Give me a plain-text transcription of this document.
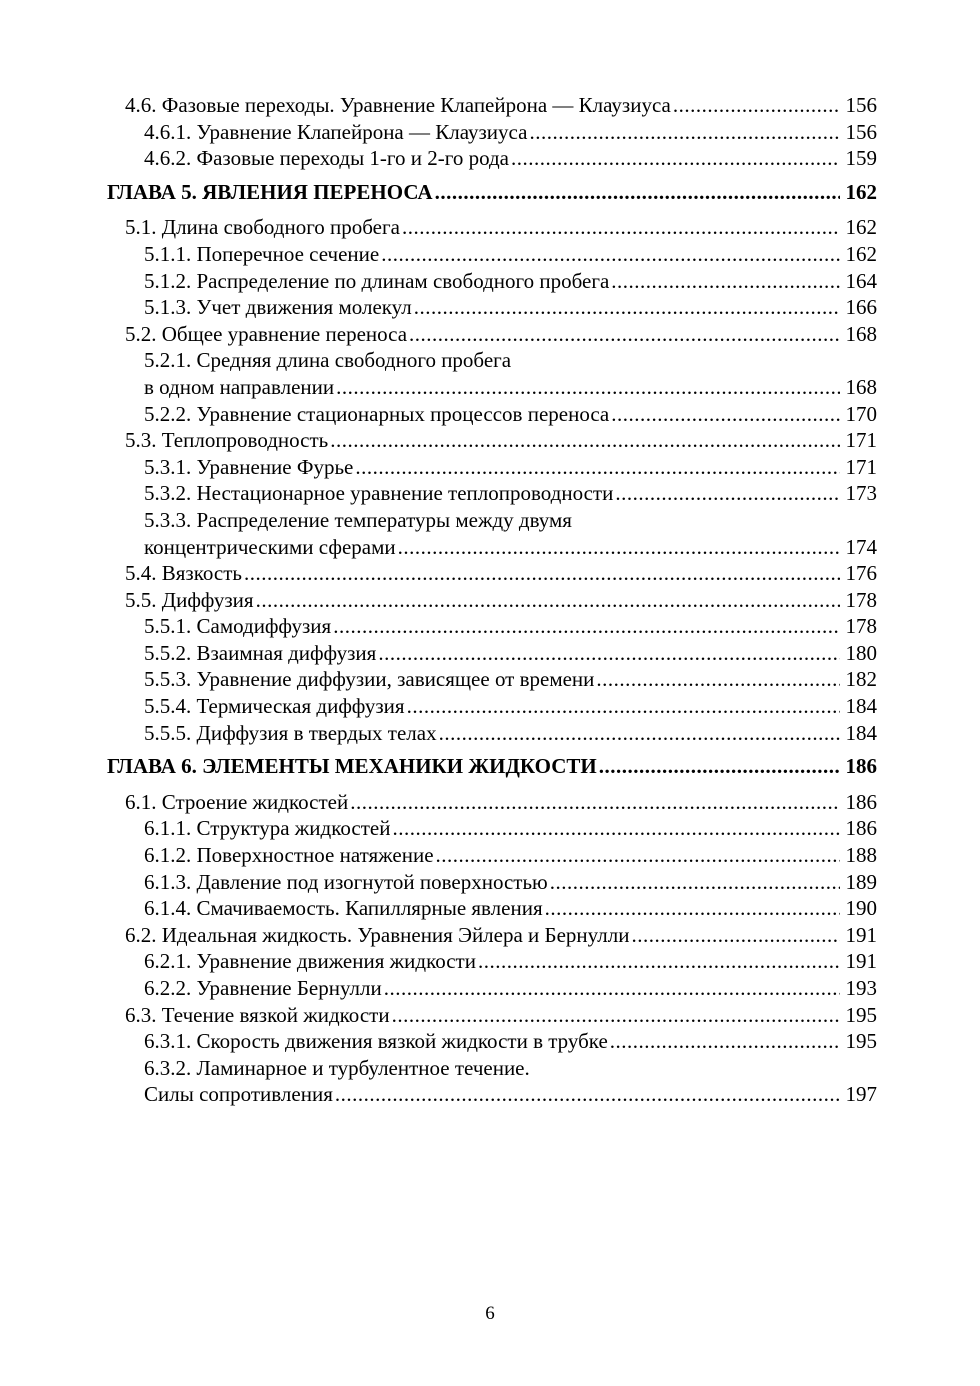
4.6. Фазовые переходы. Уравнение Клапейрона — Клаузиуса .....	156
4.6.1. Уравнение Клапейрона — Клаузиуса .....	156
4.6.2. Фазовые переходы 1-го и 2-го рода .....	159
ГЛАВА 5. ЯВЛЕНИЯ ПЕРЕНОСА .....	162
5.1. Длина свободного пробега .....	162
5.1.1. Поперечное сечение .....	162
5.1.2. Распределение по длинам свободного пробега .....	164
5.1.3. Учет движения молекул .....	166
5.2. Общее уравнение переноса .....	168
5.2.1. Средняя длина свободного пробега
в одном направлении .....	168
5.2.2. Уравнение стационарных процессов переноса .....	170
5.3. Теплопроводность .....	171
5.3.1. Уравнение Фурье .....	171
5.3.2. Нестационарное уравнение теплопроводности .....	173
5.3.3. Распределение температуры между двумя
концентрическими сферами .....	174
5.4. Вязкость .....	176
5.5. Диффузия .....	178
5.5.1. Самодиффузия .....	178
5.5.2. Взаимная диффузия .....	180
5.5.3. Уравнение диффузии, зависящее от времени .....	182
5.5.4. Термическая диффузия .....	184
5.5.5. Диффузия в твердых телах .....	184
ГЛАВА 6. ЭЛЕМЕНТЫ МЕХАНИКИ ЖИДКОСТИ .....	186
6.1. Строение жидкостей .....	186
6.1.1. Структура жидкостей .....	186
6.1.2. Поверхностное натяжение .....	188
6.1.3. Давление под изогнутой поверхностью .....	189
6.1.4. Смачиваемость. Капиллярные явления .....	190
6.2. Идеальная жидкость. Уравнения Эйлера и Бернулли .....	191
6.2.1. Уравнение движения жидкости .....	191
6.2.2. Уравнение Бернулли .....	193
6.3. Течение вязкой жидкости .....	195
6.3.1. Скорость движения вязкой жидкости в трубке .....	195
6.3.2. Ламинарное и турбулентное течение.
Силы сопротивления .....	197
6
